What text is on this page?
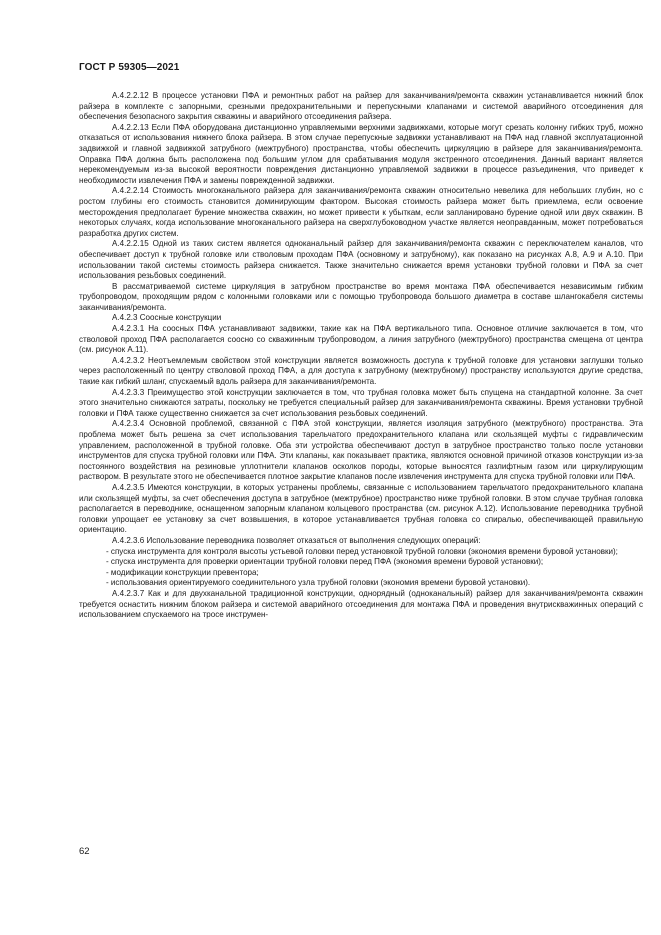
ГОСТ Р 59305—2021

А.4.2.2.12 В процессе установки ПФА и ремонтных работ на райзер для заканчивания/ремонта скважин устанавливается нижний блок райзера в комплекте с запорными, срезными предохранительными и перепускными клапанами и системой аварийного отсоединения для обеспечения безопасного закрытия скважины и аварийного отсоединения райзера.

А.4.2.2.13 Если ПФА оборудована дистанционно управляемыми верхними задвижками, которые могут срезать колонну гибких труб, можно отказаться от использования нижнего блока райзера. В этом случае перепускные задвижки устанавливают на ПФА над главной эксплуатационной задвижкой и главной задвижкой затрубного (межтрубного) пространства, чтобы обеспечить циркуляцию в райзере для заканчивания/ремонта. Оправка ПФА должна быть расположена под большим углом для срабатывания модуля экстренного отсоединения. Данный вариант является нерекомендуемым из-за высокой вероятности повреждения дистанционно управляемой задвижки в процессе разъединения, что приведет к необходимости извлечения ПФА и замены поврежденной задвижки.

А.4.2.2.14 Стоимость многоканального райзера для заканчивания/ремонта скважин относительно невелика для небольших глубин, но с ростом глубины его стоимость становится доминирующим фактором. Высокая стоимость райзера может быть приемлема, если освоение месторождения предполагает бурение множества скважин, но может привести к убыткам, если запланировано бурение одной или двух скважин. В некоторых случаях, когда использование многоканального райзера на сверхглубоководном участке является неоправданным, может потребоваться разработка других систем.

А.4.2.2.15 Одной из таких систем является одноканальный райзер для заканчивания/ремонта скважин с переключателем каналов, что обеспечивает доступ к трубной головке или стволовым проходам ПФА (основному и затрубному), как показано на рисунках А.8, А.9 и А.10. При использовании такой системы стоимость райзера снижается. Также значительно снижается время установки трубной головки и ПФА за счет использования резьбовых соединений.

В рассматриваемой системе циркуляция в затрубном пространстве во время монтажа ПФА обеспечивается независимым гибким трубопроводом, проходящим рядом с колонными головками или с помощью трубопровода большого диаметра в составе шлангокабеля системы заканчивания/ремонта.

А.4.2.3 Соосные конструкции

А.4.2.3.1 На соосных ПФА устанавливают задвижки, такие как на ПФА вертикального типа. Основное отличие заключается в том, что стволовой проход ПФА располагается соосно со скважинным трубопроводом, а линия затрубного (межтрубного) пространства смещена от центра (см. рисунок А.11).

А.4.2.3.2 Неотъемлемым свойством этой конструкции является возможность доступа к трубной головке для установки заглушки только через расположенный по центру стволовой проход ПФА, а для доступа к затрубному (межтрубному) пространству используются другие средства, такие как гибкий шланг, спускаемый вдоль райзера для заканчивания/ремонта.

А.4.2.3.3 Преимущество этой конструкции заключается в том, что трубная головка может быть спущена на стандартной колонне. За счет этого значительно снижаются затраты, поскольку не требуется специальный райзер для заканчивания/ремонта скважины. Время установки трубной головки и ПФА также существенно снижается за счет использования резьбовых соединений.

А.4.2.3.4 Основной проблемой, связанной с ПФА этой конструкции, является изоляция затрубного (межтрубного) пространства. Эта проблема может быть решена за счет использования тарельчатого предохранительного клапана или скользящей муфты с гидравлическим управлением, расположенной в трубной головке. Оба эти устройства обеспечивают доступ в затрубное пространство только после установки инструментов для спуска трубной головки или ПФА. Эти клапаны, как показывает практика, являются основной причиной отказов конструкции из-за постоянного воздействия на резиновые уплотнители клапанов осколков породы, которые выносятся газлифтным газом или циркулирующим раствором. В результате этого не обеспечивается плотное закрытие клапанов после извлечения инструмента для спуска трубной головки или ПФА.

А.4.2.3.5 Имеются конструкции, в которых устранены проблемы, связанные с использованием тарельчатого предохранительного клапана или скользящей муфты, за счет обеспечения доступа в затрубное (межтрубное) пространство ниже трубной головки. В этом случае трубная головка располагается в переводнике, оснащенном запорным клапаном кольцевого пространства (см. рисунок А.12). Использование переводника трубной головки упрощает ее установку за счет возвышения, в которое устанавливается трубная головка со спиралью, обеспечивающей правильную ориентацию.

А.4.2.3.6 Использование переводника позволяет отказаться от выполнения следующих операций:

- спуска инструмента для контроля высоты устьевой головки перед установкой трубной головки (экономия времени буровой установки);

- спуска инструмента для проверки ориентации трубной головки перед ПФА (экономия времени буровой установки);

- модификации конструкции превентора;

- использования ориентируемого соединительного узла трубной головки (экономия времени буровой установки).

А.4.2.3.7 Как и для двухканальной традиционной конструкции, однорядный (одноканальный) райзер для заканчивания/ремонта скважин требуется оснастить нижним блоком райзера и системой аварийного отсоединения для монтажа ПФА и проведения внутрискважинных операций с использованием спускаемого на тросе инструмен-

62
